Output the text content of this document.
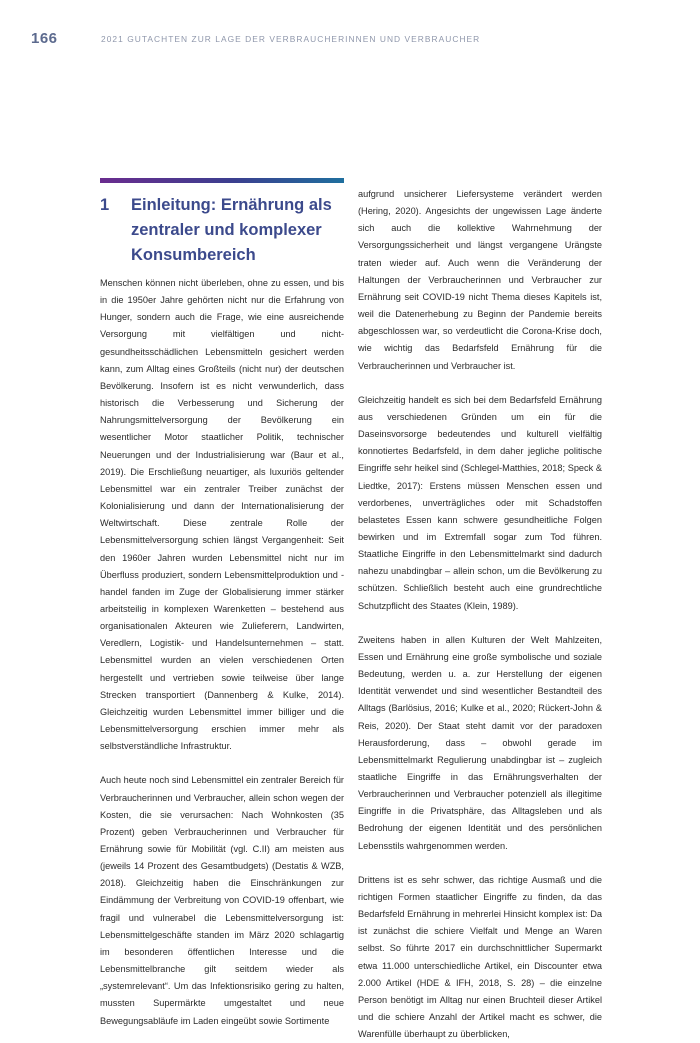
166	2021 GUTACHTEN ZUR LAGE DER VERBRAUCHERINNEN UND VERBRAUCHER
1 Einleitung: Ernährung als zentraler und komplexer Konsumbereich

Menschen können nicht überleben, ohne zu essen, und bis in die 1950er Jahre gehörten nicht nur die Erfahrung von Hunger, sondern auch die Frage, wie eine ausreichende Versorgung mit vielfältigen und nicht-gesundheitsschädlichen Lebensmitteln gesichert werden kann, zum Alltag eines Großteils (nicht nur) der deutschen Bevölkerung. Insofern ist es nicht verwunderlich, dass historisch die Verbesserung und Sicherung der Nahrungsmittelversorgung der Bevölkerung ein wesentlicher Motor staatlicher Politik, technischer Neuerungen und der Industrialisierung war (Baur et al., 2019). Die Erschließung neuartiger, als luxuriös geltender Lebensmittel war ein zentraler Treiber zunächst der Kolonialisierung und dann der Internationalisierung der Weltwirtschaft. Diese zentrale Rolle der Lebensmittelversorgung schien längst Vergangenheit: Seit den 1960er Jahren wurden Lebensmittel nicht nur im Überfluss produziert, sondern Lebensmittelproduktion und -handel fanden im Zuge der Globalisierung immer stärker arbeitsteilig in komplexen Warenketten – bestehend aus organisationalen Akteuren wie Zulieferern, Landwirten, Veredlern, Logistik- und Handelsunternehmen – statt. Lebensmittel wurden an vielen verschiedenen Orten hergestellt und vertrieben sowie teilweise über lange Strecken transportiert (Dannenberg & Kulke, 2014). Gleichzeitig wurden Lebensmittel immer billiger und die Lebensmittelversorgung erschien immer mehr als selbstverständliche Infrastruktur.

Auch heute noch sind Lebensmittel ein zentraler Bereich für Verbraucherinnen und Verbraucher, allein schon wegen der Kosten, die sie verursachen: Nach Wohnkosten (35 Prozent) geben Verbraucherinnen und Verbraucher für Ernährung sowie für Mobilität (vgl. C.II) am meisten aus (jeweils 14 Prozent des Gesamtbudgets) (Destatis & WZB, 2018). Gleichzeitig haben die Einschränkungen zur Eindämmung der Verbreitung von COVID-19 offenbart, wie fragil und vulnerabel die Lebensmittelversorgung ist: Lebensmittelgeschäfte standen im März 2020 schlagartig im besonderen öffentlichen Interesse und die Lebensmittelbranche gilt seitdem wieder als „systemrelevant“. Um das Infektionsrisiko gering zu halten, mussten Supermärkte umgestaltet und neue Bewegungsabläufe im Laden eingeübt sowie Sortimente

aufgrund unsicherer Liefersysteme verändert werden (Hering, 2020). Angesichts der ungewissen Lage änderte sich auch die kollektive Wahrnehmung der Versorgungssicherheit und längst vergangene Urängste traten wieder auf. Auch wenn die Veränderung der Haltungen der Verbraucherinnen und Verbraucher zur Ernährung seit COVID-19 nicht Thema dieses Kapitels ist, weil die Datenerhebung zu Beginn der Pandemie bereits abgeschlossen war, so verdeutlicht die Corona-Krise doch, wie wichtig das Bedarfsfeld Ernährung für die Verbraucherinnen und Verbraucher ist.

Gleichzeitig handelt es sich bei dem Bedarfsfeld Ernährung aus verschiedenen Gründen um ein für die Daseinsvorsorge bedeutendes und kulturell vielfältig konnotiertes Bedarfsfeld, in dem daher jegliche politische Eingriffe sehr heikel sind (Schlegel-Matthies, 2018; Speck & Liedtke, 2017): Erstens müssen Menschen essen und verdorbenes, unverträgliches oder mit Schadstoffen belastetes Essen kann schwere gesundheitliche Folgen bewirken und im Extremfall sogar zum Tod führen. Staatliche Eingriffe in den Lebensmittelmarkt sind dadurch nahezu unabdingbar – allein schon, um die Bevölkerung zu schützen. Schließlich besteht auch eine grundrechtliche Schutzpflicht des Staates (Klein, 1989).

Zweitens haben in allen Kulturen der Welt Mahlzeiten, Essen und Ernährung eine große symbolische und soziale Bedeutung, werden u. a. zur Herstellung der eigenen Identität verwendet und sind wesentlicher Bestandteil des Alltags (Barlösius, 2016; Kulke et al., 2020; Rückert-John & Reis, 2020). Der Staat steht damit vor der paradoxen Herausforderung, dass – obwohl gerade im Lebensmittelmarkt Regulierung unabdingbar ist – zugleich staatliche Eingriffe in das Ernährungsverhalten der Verbraucherinnen und Verbraucher potenziell als illegitime Eingriffe in die Privatsphäre, das Alltagsleben und als Bedrohung der eigenen Identität und des persönlichen Lebensstils wahrgenommen werden.

Drittens ist es sehr schwer, das richtige Ausmaß und die richtigen Formen staatlicher Eingriffe zu finden, da das Bedarfsfeld Ernährung in mehrerlei Hinsicht komplex ist: Da ist zunächst die schiere Vielfalt und Menge an Waren selbst. So führte 2017 ein durchschnittlicher Supermarkt etwa 11.000 unterschiedliche Artikel, ein Discounter etwa 2.000 Artikel (HDE & IFH, 2018, S. 28) – die einzelne Person benötigt im Alltag nur einen Bruchteil dieser Artikel und die schiere Anzahl der Artikel macht es schwer, die Warenfülle überhaupt zu überblicken,
